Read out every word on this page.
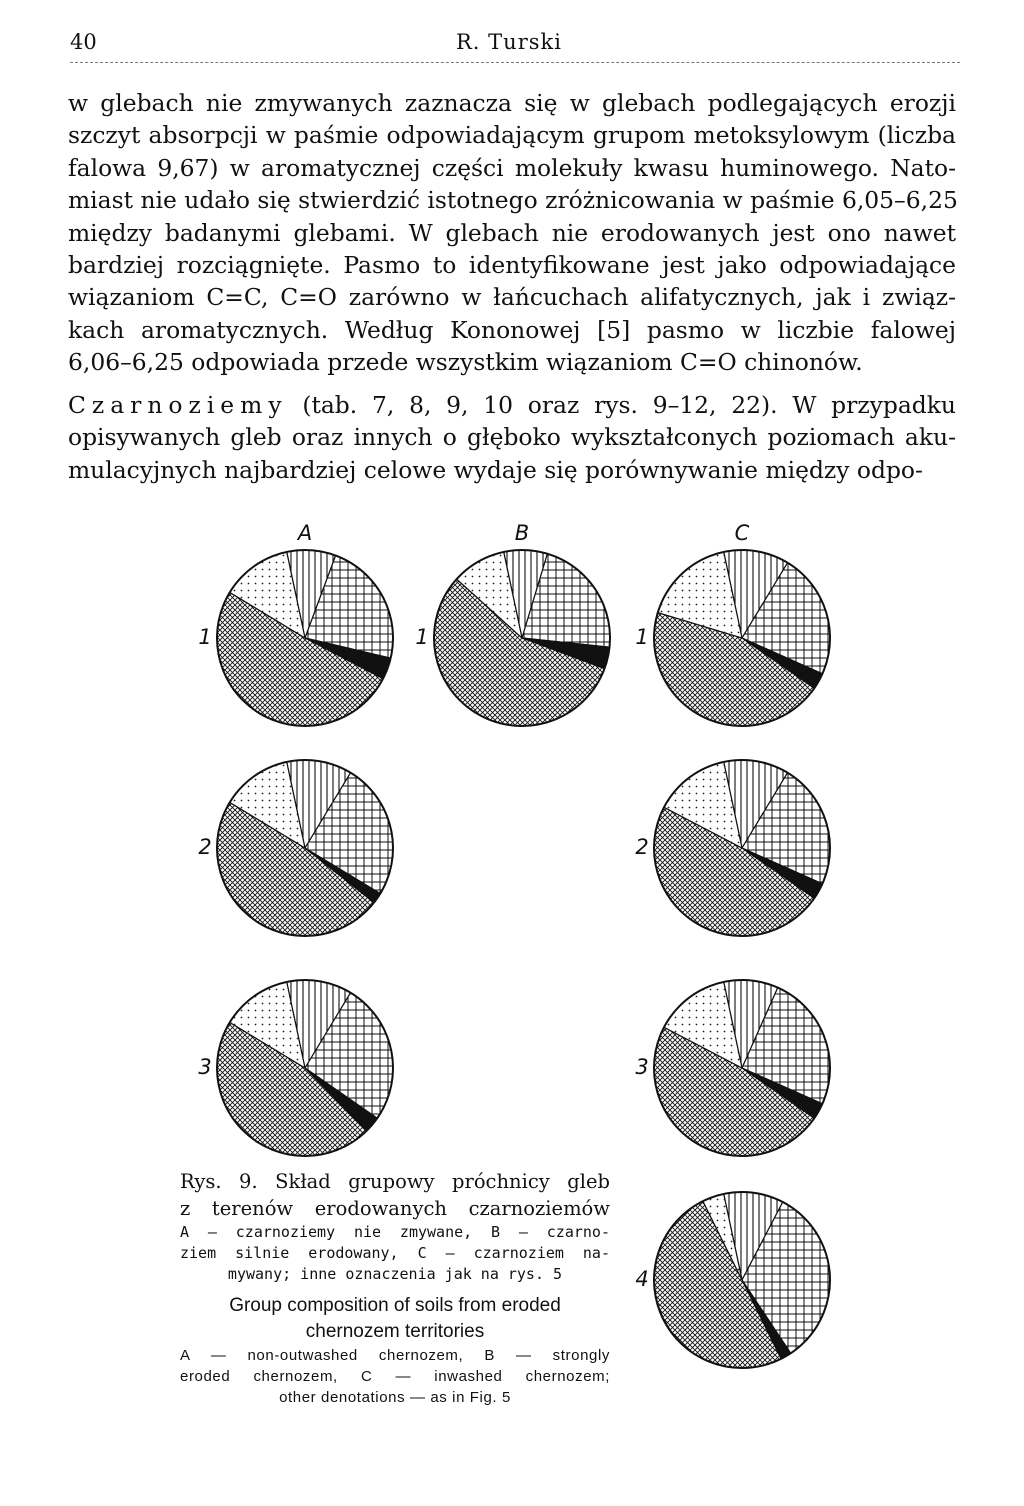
40	R. Turski
w glebach nie zmywanych zaznacza się w glebach podlegających erozji
szczyt absorpcji w paśmie odpowiadającym grupom metoksylowym (liczba
falowa 9,67) w aromatycznej części molekuły kwasu huminowego. Nato-
miast nie udało się stwierdzić istotnego zróżnicowania w paśmie 6,05–6,25
między badanymi glebami. W glebach nie erodowanych jest ono nawet
bardziej rozciągnięte. Pasmo to identyfikowane jest jako odpowiadające
wiązaniom C=C, C=O zarówno w łańcuchach alifatycznych, jak i związ-
kach aromatycznych. Według Kononowej [5] pasmo w liczbie falowej
6,06–6,25 odpowiada przede wszystkim wiązaniom C=O chinonów.
Czarnoziemy (tab. 7, 8, 9, 10 oraz rys. 9–12, 22). W przypadku
opisywanych gleb oraz innych o głęboko wykształconych poziomach aku-
mulacyjnych najbardziej celowe wydaje się porównywanie między odpo-
A	B	C
1	1	1
2	2
3	3
4
Rys. 9. Skład grupowy próchnicy gleb
z terenów erodowanych czarnoziemów
A — czarnoziemy nie zmywane, B — czarno-
ziem silnie erodowany, C — czarnoziem na-
mywany; inne oznaczenia jak na rys. 5
Group composition of soils from eroded
chernozem territories
A — non-outwashed chernozem, B — strongly
eroded chernozem, C — inwashed chernozem;
other denotations — as in Fig. 5
